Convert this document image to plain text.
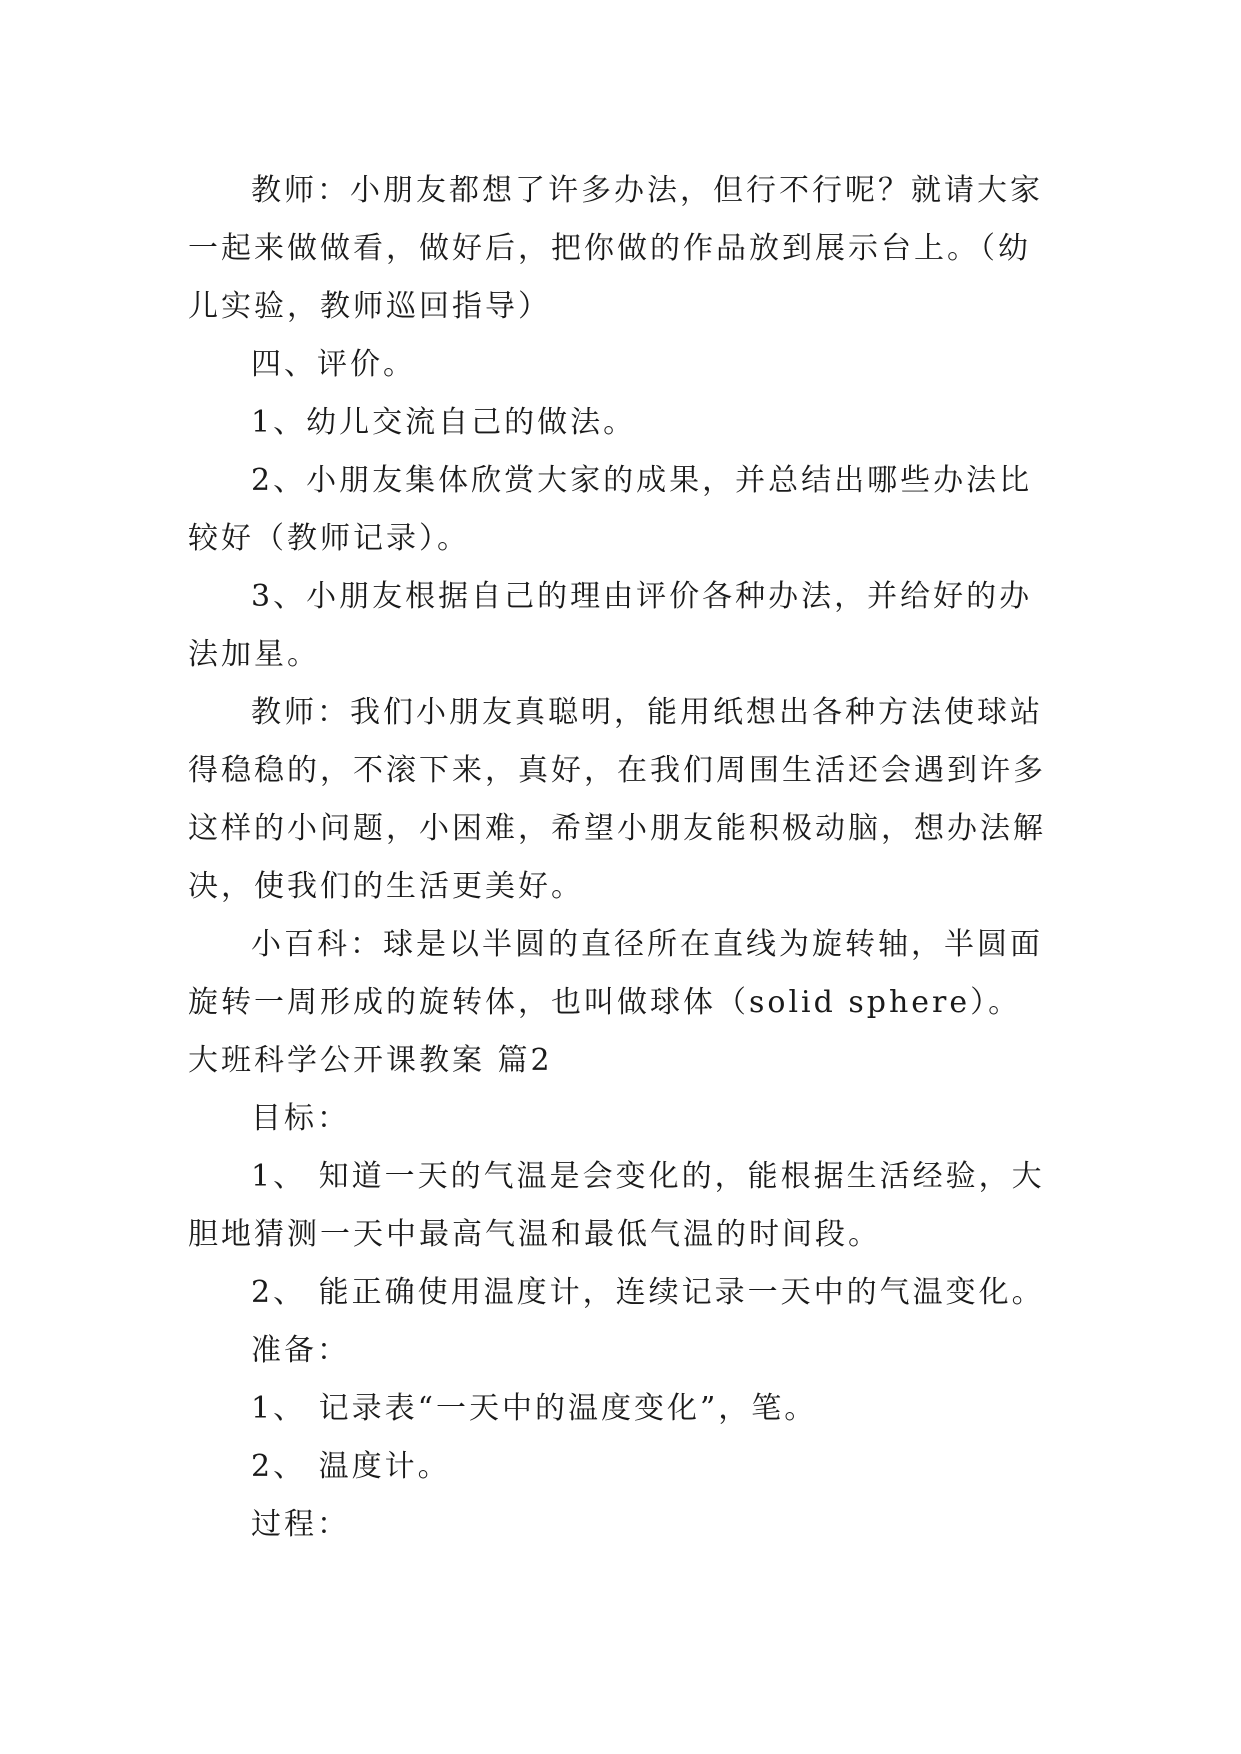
教师：小朋友都想了许多办法，但行不行呢？就请大家一起来做做看，做好后，把你做的作品放到展示台上。（幼儿实验，教师巡回指导）

四、评价。

1、幼儿交流自己的做法。

2、小朋友集体欣赏大家的成果，并总结出哪些办法比较好（教师记录）。

3、小朋友根据自己的理由评价各种办法，并给好的办法加星。

教师：我们小朋友真聪明，能用纸想出各种方法使球站得稳稳的，不滚下来，真好，在我们周围生活还会遇到许多这样的小问题，小困难，希望小朋友能积极动脑，想办法解决，使我们的生活更美好。

小百科：球是以半圆的直径所在直线为旋转轴，半圆面旋转一周形成的旋转体，也叫做球体（solid sphere）。

大班科学公开课教案 篇2

目标：

1、 知道一天的气温是会变化的，能根据生活经验，大胆地猜测一天中最高气温和最低气温的时间段。

2、 能正确使用温度计，连续记录一天中的气温变化。

准备：

1、 记录表“一天中的温度变化”，笔。

2、 温度计。

过程：
